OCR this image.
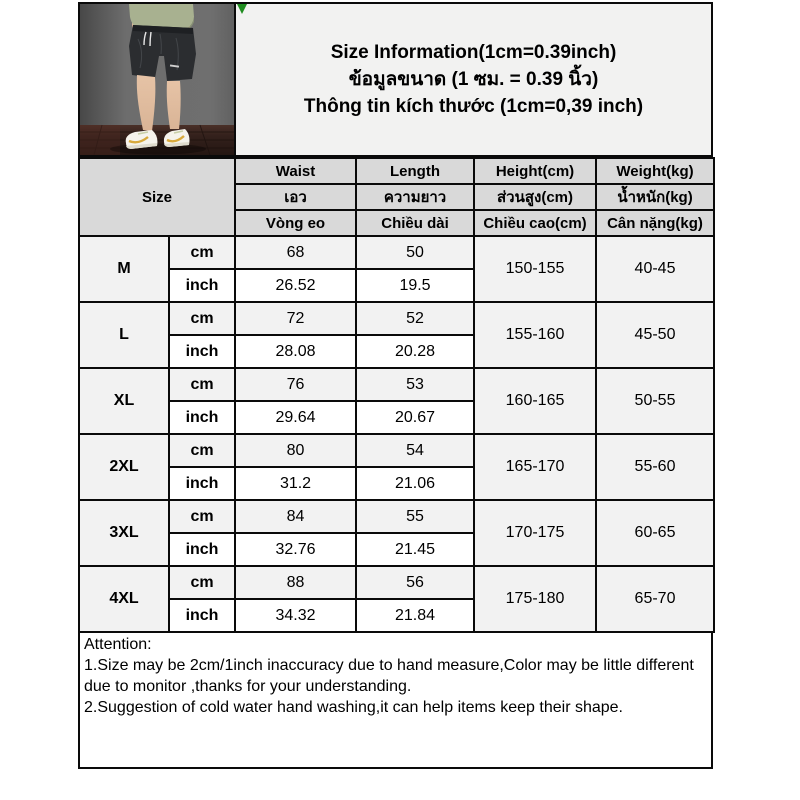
Size Information(1cm=0.39inch)
ข้อมูลขนาด (1 ซม. = 0.39 นิ้ว)
Thông tin kích thước (1cm=0,39 inch)
Size		Waist	Length	Height(cm)	Weight(kg)
		เอว	ความยาว	ส่วนสูง(cm)	น้ำหนัก(kg)
		Vòng eo	Chiều dài	Chiều cao(cm)	Cân nặng(kg)
M	cm	68	50	150-155	40-45
	inch	26.52	19.5		
L	cm	72	52	155-160	45-50
	inch	28.08	20.28		
XL	cm	76	53	160-165	50-55
	inch	29.64	20.67		
2XL	cm	80	54	165-170	55-60
	inch	31.2	21.06		
3XL	cm	84	55	170-175	60-65
	inch	32.76	21.45		
4XL	cm	88	56	175-180	65-70
	inch	34.32	21.84		
Attention:
1.Size may be 2cm/1inch inaccuracy due to hand measure,Color may be little different due to monitor ,thanks for your understanding.
2.Suggestion of cold water hand washing,it can help items keep their shape.
